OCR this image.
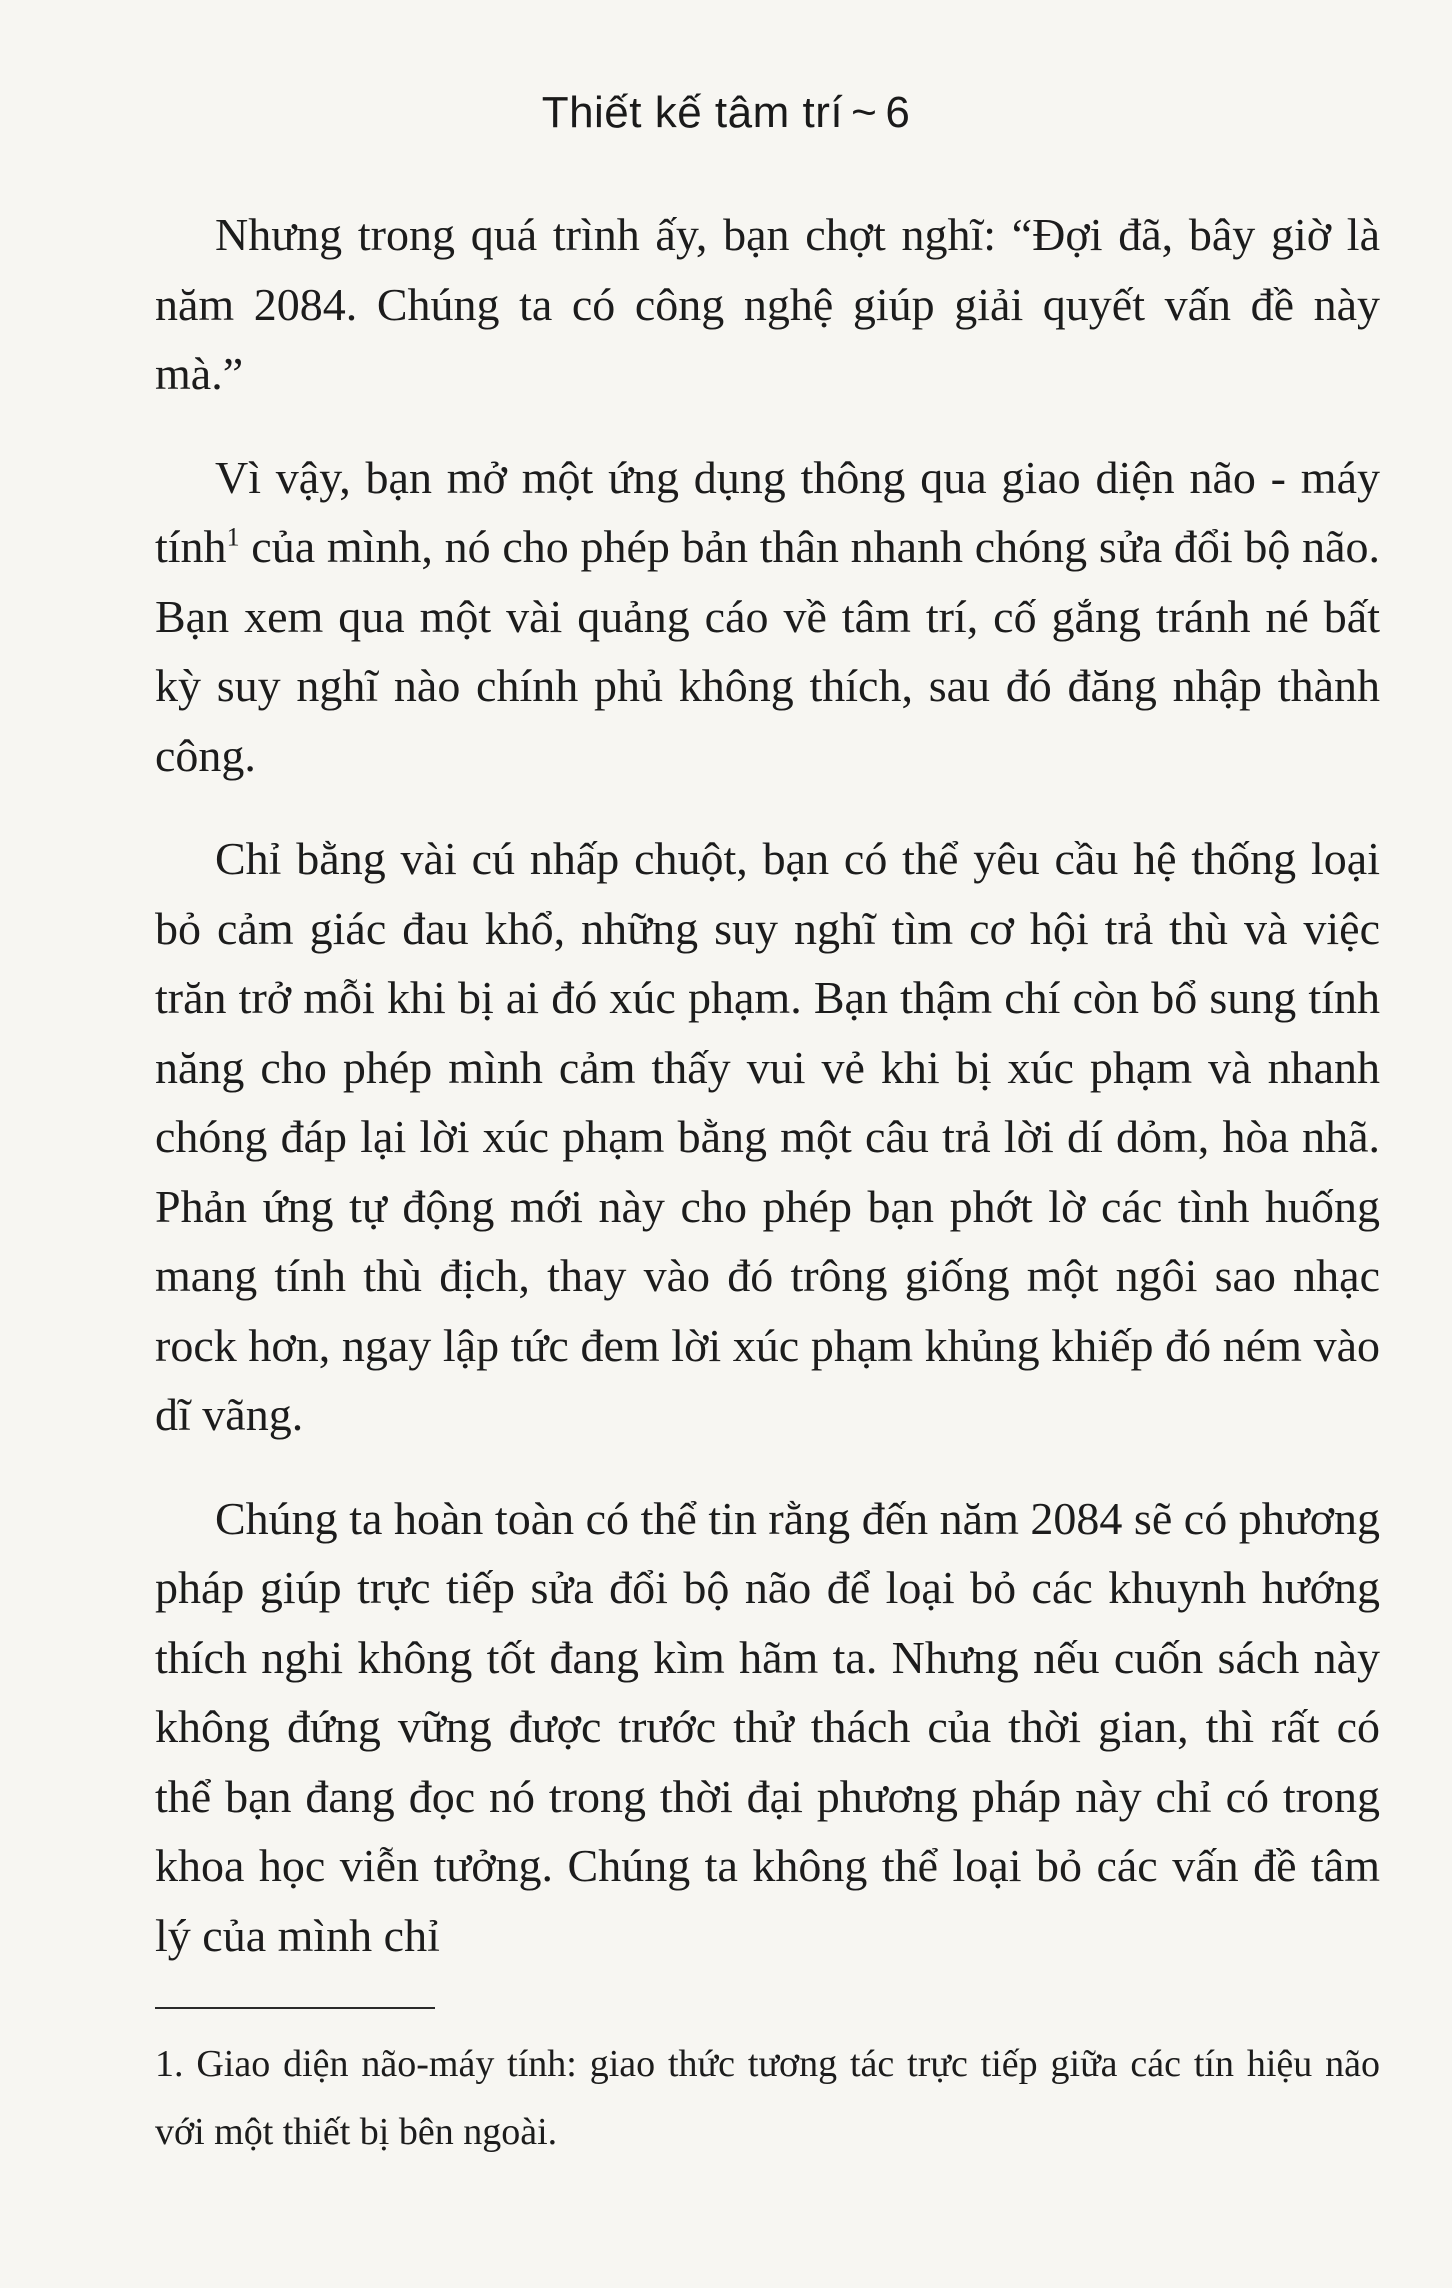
Thiết kế tâm trí ~ 6

Nhưng trong quá trình ấy, bạn chợt nghĩ: “Đợi đã, bây giờ là năm 2084. Chúng ta có công nghệ giúp giải quyết vấn đề này mà.”

Vì vậy, bạn mở một ứng dụng thông qua giao diện não - máy tính$^1$ của mình, nó cho phép bản thân nhanh chóng sửa đổi bộ não. Bạn xem qua một vài quảng cáo về tâm trí, cố gắng tránh né bất kỳ suy nghĩ nào chính phủ không thích, sau đó đăng nhập thành công.

Chỉ bằng vài cú nhấp chuột, bạn có thể yêu cầu hệ thống loại bỏ cảm giác đau khổ, những suy nghĩ tìm cơ hội trả thù và việc trăn trở mỗi khi bị ai đó xúc phạm. Bạn thậm chí còn bổ sung tính năng cho phép mình cảm thấy vui vẻ khi bị xúc phạm và nhanh chóng đáp lại lời xúc phạm bằng một câu trả lời dí dỏm, hòa nhã. Phản ứng tự động mới này cho phép bạn phớt lờ các tình huống mang tính thù địch, thay vào đó trông giống một ngôi sao nhạc rock hơn, ngay lập tức đem lời xúc phạm khủng khiếp đó ném vào dĩ vãng.

Chúng ta hoàn toàn có thể tin rằng đến năm 2084 sẽ có phương pháp giúp trực tiếp sửa đổi bộ não để loại bỏ các khuynh hướng thích nghi không tốt đang kìm hãm ta. Nhưng nếu cuốn sách này không đứng vững được trước thử thách của thời gian, thì rất có thể bạn đang đọc nó trong thời đại phương pháp này chỉ có trong khoa học viễn tưởng. Chúng ta không thể loại bỏ các vấn đề tâm lý của mình chỉ

1. Giao diện não-máy tính: giao thức tương tác trực tiếp giữa các tín hiệu não với một thiết bị bên ngoài.
